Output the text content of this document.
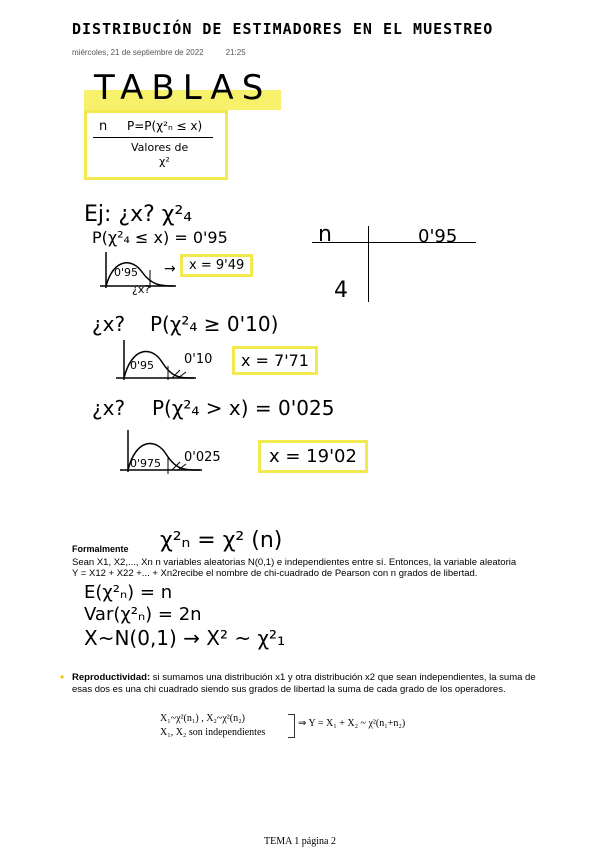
DISTRIBUCIÓN DE ESTIMADORES EN EL MUESTREO
miércoles, 21 de septiembre de 2022	21:25
TABLAS
n P=P(χ²ₙ ≤ x)
Valores de
χ²
Ej: ¿x? χ²₄
P(χ²₄ ≤ x) = 0'95
0'95
¿x?
→	x = 9'49
n	0'95
4
¿x? P(χ²₄ ≥ 0'10)
0'95 0'10	x = 7'71
¿x? P(χ²₄ > x) = 0'025
0'975 0'025	x = 19'02
Formalmente χ²ₙ = χ² (n)
Sean X1, X2,..., Xn n variables aleatorias N(0,1) e independientes entre sí. Entonces, la variable aleatoria
Y = X12 + X22 +... + Xn2recibe el nombre de chi-cuadrado de Pearson con n grados de libertad.
E(χ²ₙ) = n
Var(χ²ₙ) = 2n
X~N(0,1) → X² ~ χ²₁
• Reproductividad: si sumamos una distribución x1 y otra distribución x2 que sean independientes, la suma de esas dos es una chi cuadrado siendo sus grados de libertad la suma de cada grado de los operadores.
X₁~χ²(n₁) , X₂~χ²(n₂)
X₁, X₂ son independientes
⇒ Y = X₁ + X₂ ~ χ²(n₁+n₂)
TEMA 1 página 2
